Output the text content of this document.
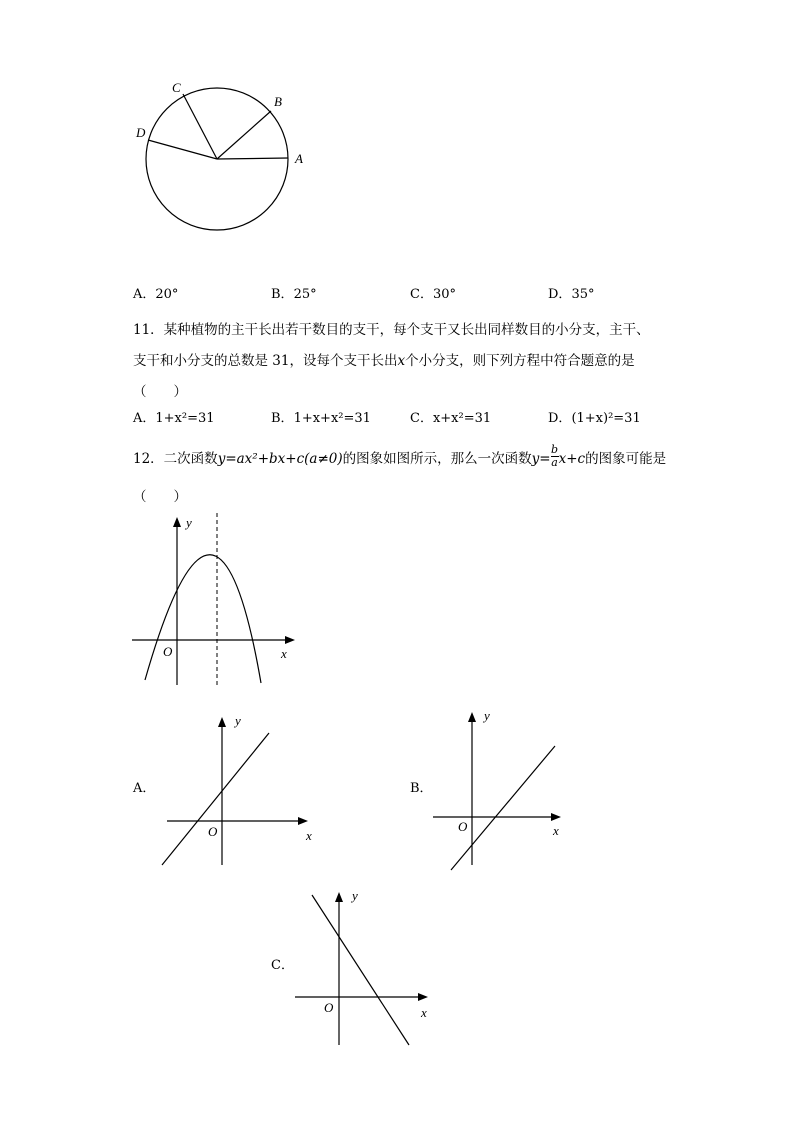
A
B
C
D
A．20°	B．25°	C．30°	D．35°
11．某种植物的主干长出若干数目的支干，每个支干又长出同样数目的小分支，主干、
支干和小分支的总数是 31，设每个支干长出x个小分支，则下列方程中符合题意的是
（　　）
A．1+x²=31	B．1+x+x²=31	C．x+x²=31	D．(1+x)²=31
12．二次函数y=ax²+bx+c(a≠0)的图象如图所示，那么一次函数$y= \frac{b}{a} x+c$的图象可能是
（　　）
y
x
O
A．
y
x
O
B．
y
x
O
C．
y
x
O
